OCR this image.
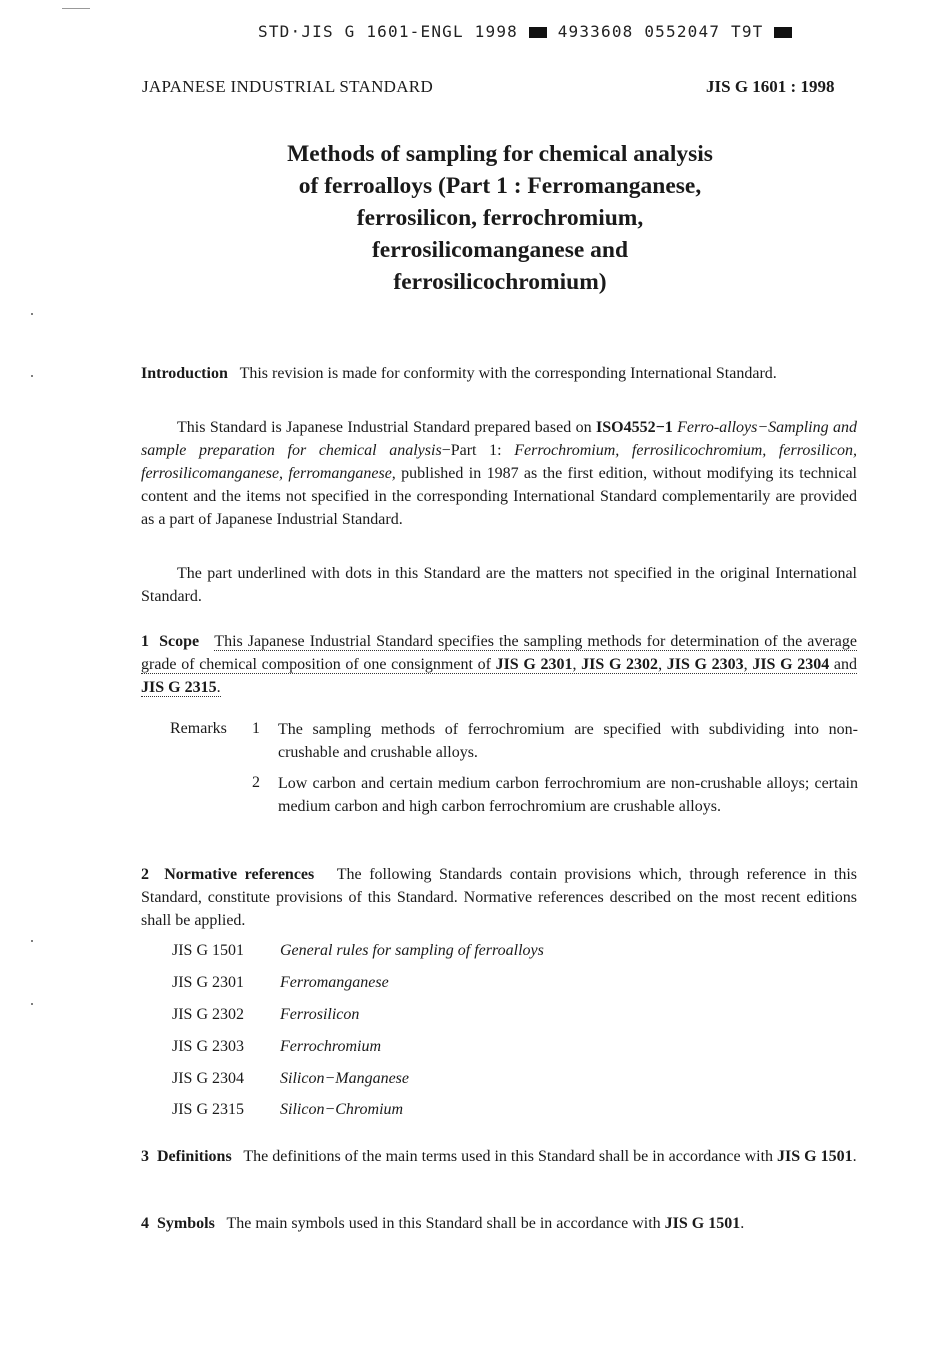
STD·JIS G 1601-ENGL 1998 4933608 0552047 T9T
JAPANESE INDUSTRIAL STANDARD	JIS G 1601 : 1998
Methods of sampling for chemical analysis
of ferroalloys (Part 1 : Ferromanganese,
ferrosilicon, ferrochromium,
ferrosilicomanganese and
ferrosilicochromium)
Introduction This revision is made for conformity with the corresponding International Standard.
This Standard is Japanese Industrial Standard prepared based on ISO4552−1 Ferro-alloys−Sampling and sample preparation for chemical analysis−Part 1: Ferrochromium, ferrosilicochromium, ferrosilicon, ferrosilicomanganese, ferromanganese, published in 1987 as the first edition, without modifying its technical content and the items not specified in the corresponding International Standard complementarily are provided as a part of Japanese Industrial Standard.
The part underlined with dots in this Standard are the matters not specified in the original International Standard.
1 Scope This Japanese Industrial Standard specifies the sampling methods for determination of the average grade of chemical composition of one consignment of JIS G 2301, JIS G 2302, JIS G 2303, JIS G 2304 and JIS G 2315.
Remarks 1 The sampling methods of ferrochromium are specified with subdividing into non-crushable and crushable alloys.
2 Low carbon and certain medium carbon ferrochromium are non-crushable alloys; certain medium carbon and high carbon ferrochromium are crushable alloys.
2 Normative references The following Standards contain provisions which, through reference in this Standard, constitute provisions of this Standard. Normative references described on the most recent editions shall be applied.
JIS G 1501 General rules for sampling of ferroalloys
JIS G 2301 Ferromanganese
JIS G 2302 Ferrosilicon
JIS G 2303 Ferrochromium
JIS G 2304 Silicon−Manganese
JIS G 2315 Silicon−Chromium
3 Definitions The definitions of the main terms used in this Standard shall be in accordance with JIS G 1501.
4 Symbols The main symbols used in this Standard shall be in accordance with JIS G 1501.
